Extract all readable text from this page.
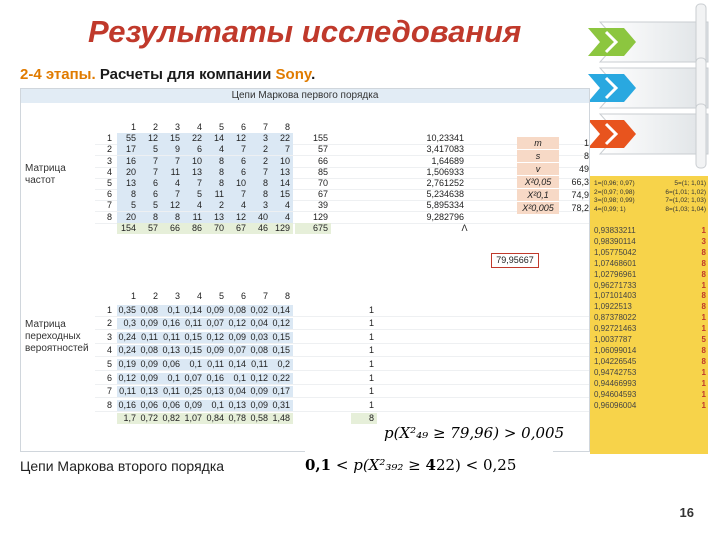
Результаты исследования
2-4 этапы. Расчеты для компании Sony.
Цепи Маркова первого порядка
Матрица
частот
Матрица
переходных
вероятностей
79,95667
1	2	3	4	5	6	7	8
1	55	12	15	22	14	12	3	22	155	10,23341
2	17	5	9	6	4	7	2	7	57	3,417083
3	16	7	7	10	8	6	2	10	66	1,64689
4	20	7	11	13	8	6	7	13	85	1,506933
5	13	6	4	7	8	10	8	14	70	2,761252
6	8	6	7	5	11	7	8	15	67	5,234638
7	5	5	12	4	2	4	3	4	39	5,895334
8	20	8	8	11	13	12	40	4	129	9,282796
154	57	66	86	70	67	46 129	675	Λ
m	1
s	8
v	49
X²0,05	66,3
X²0,1	74,9
X²0,005	78,2
1	2	3	4	5	6	7	8
1 0,35 0,08	0,1 0,14 0,09 0,08 0,02 0,14	1
2	0,3 0,09 0,16 0,11 0,07 0,12 0,04 0,12	1
3 0,24 0,11 0,11 0,15 0,12 0,09 0,03 0,15	1
4 0,24 0,08 0,13 0,15 0,09 0,07 0,08 0,15	1
5 0,19 0,09 0,06	0,1 0,11 0,14 0,11	0,2	1
6 0,12 0,09	0,1 0,07 0,16	0,1 0,12 0,22	1
7 0,11 0,13 0,11 0,25 0,13 0,04 0,09 0,17	1
8 0,16 0,06 0,06 0,09	0,1 0,13 0,09 0,31	1
1,7 0,72 0,82 1,07 0,84 0,78 0,58 1,48	8
1=(0,96; 0,97)	5=(1; 1,01)
2=(0,97; 0,98)	6=(1,01; 1,02)
3=(0,98; 0,99)	7=(1,02; 1,03)
4=(0,99; 1)	8=(1,03; 1,04)
0,93833211	1
0,98390114	3
1,05775042	8
1,07468601	8
1,02796961	8
0,96271733	1
1,07101403	8
1,0922513	8
0,87378022	1
0,92721463	1
1,0037787	5
1,06099014	8
1,04226545	8
0,94742753	1
0,94466993	1
0,94604593	1
0,96096004	1
p(X²₄₉ ≥ 79,96) > 0,005
0,1 < p(X²₃₉₂ ≥ 422) < 0,25
Цепи Маркова второго порядка
16
